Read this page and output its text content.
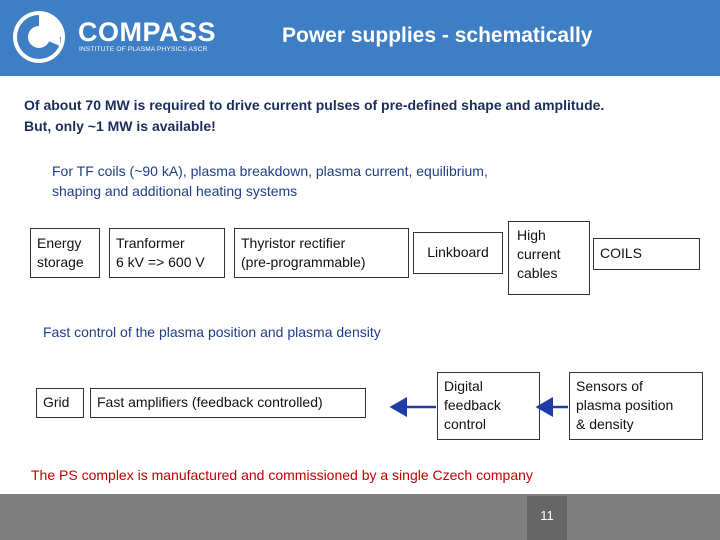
COMPASS
INSTITUTE OF PLASMA PHYSICS ASCR
Power supplies - schematically
Of about 70 MW is required to drive current pulses of pre-defined shape and amplitude.
But, only ~1 MW is available!
For TF coils (~90 kA), plasma breakdown, plasma current, equilibrium,
shaping and additional heating systems
Energy
storage
Tranformer
6 kV => 600 V
Thyristor rectifier
(pre-programmable)
Linkboard
High
current
cables
COILS
Fast control of the plasma position and plasma density
Grid	Fast amplifiers (feedback controlled)
Digital
feedback
control
Sensors of
plasma position
& density
The PS complex is manufactured and commissioned by a single Czech company
11
